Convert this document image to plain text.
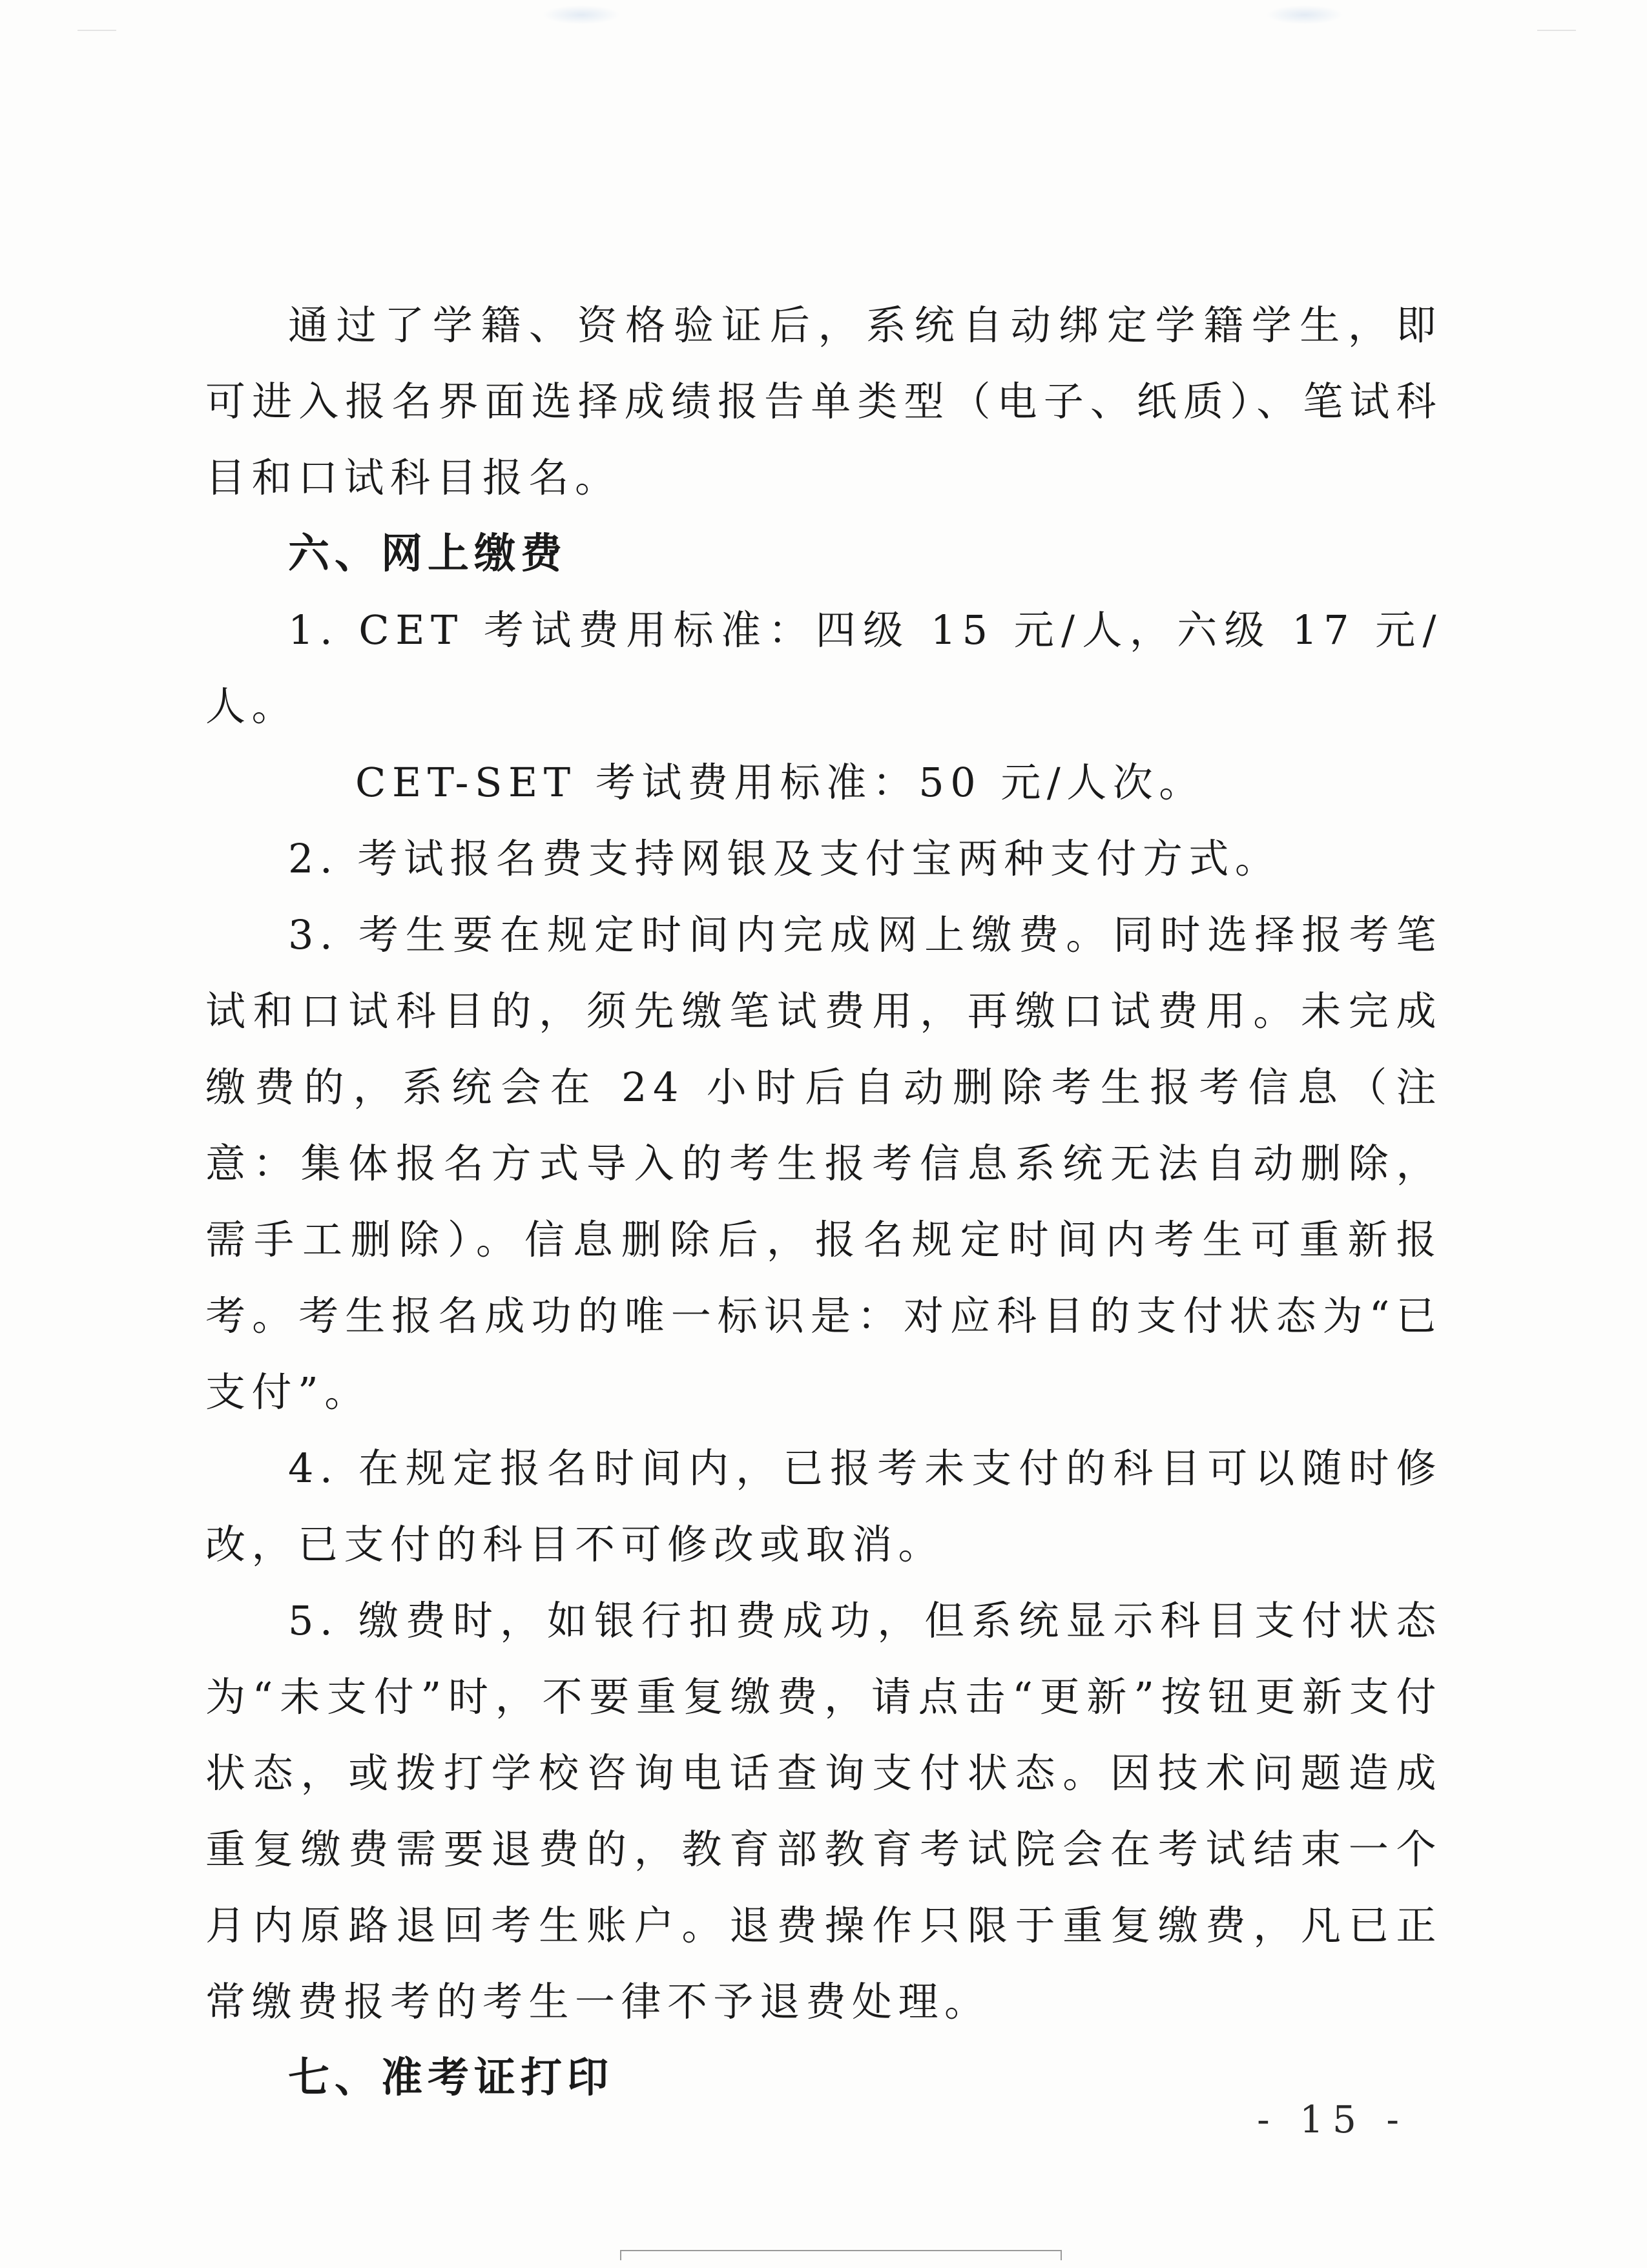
通过了学籍、资格验证后，系统自动绑定学籍学生，即可进入报名界面选择成绩报告单类型（电子、纸质）、笔试科目和口试科目报名。

六、网上缴费

1. CET 考试费用标准：四级 15 元/人，六级 17 元/人。

CET-SET 考试费用标准：50 元/人次。

2. 考试报名费支持网银及支付宝两种支付方式。

3. 考生要在规定时间内完成网上缴费。同时选择报考笔试和口试科目的，须先缴笔试费用，再缴口试费用。未完成缴费的，系统会在 24 小时后自动删除考生报考信息（注意：集体报名方式导入的考生报考信息系统无法自动删除，需手工删除）。信息删除后，报名规定时间内考生可重新报考。考生报名成功的唯一标识是：对应科目的支付状态为“已支付”。

4. 在规定报名时间内，已报考未支付的科目可以随时修改，已支付的科目不可修改或取消。

5. 缴费时，如银行扣费成功，但系统显示科目支付状态为“未支付”时，不要重复缴费，请点击“更新”按钮更新支付状态，或拨打学校咨询电话查询支付状态。因技术问题造成重复缴费需要退费的，教育部教育考试院会在考试结束一个月内原路退回考生账户。退费操作只限于重复缴费，凡已正常缴费报考的考生一律不予退费处理。

七、准考证打印

- 15 -
